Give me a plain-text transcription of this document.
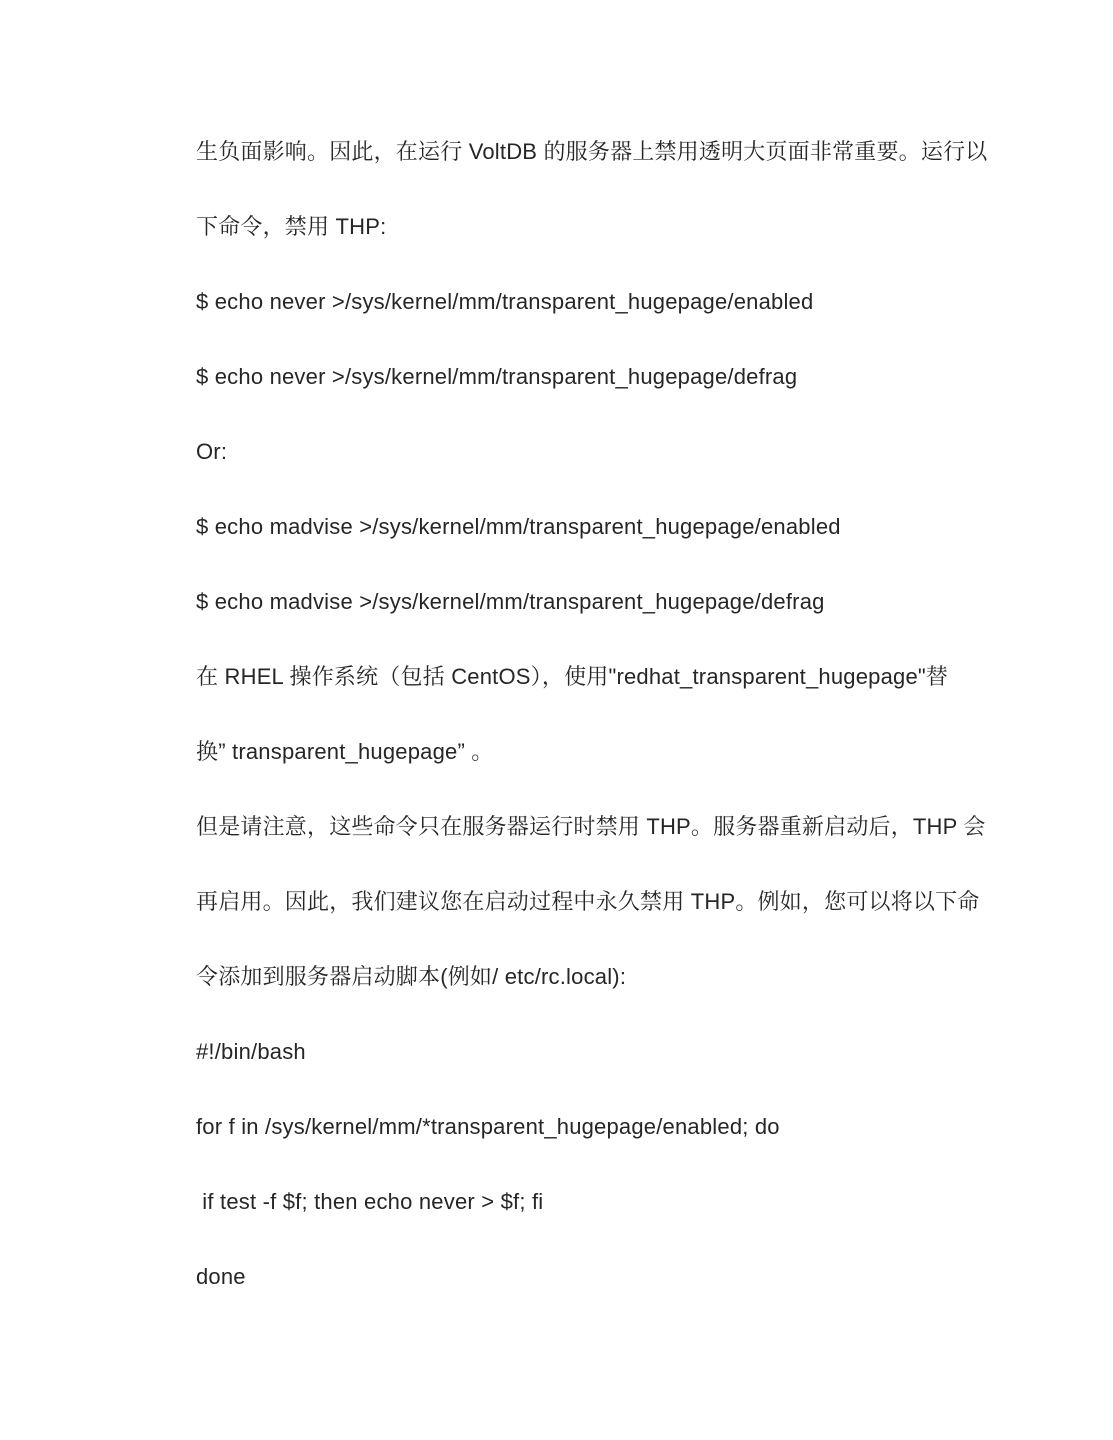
生负面影响。因此，在运行 VoltDB 的服务器上禁用透明大页面非常重要。运行以
下命令，禁用 THP:
$ echo never >/sys/kernel/mm/transparent_hugepage/enabled
$ echo never >/sys/kernel/mm/transparent_hugepage/defrag
Or:
$ echo madvise >/sys/kernel/mm/transparent_hugepage/enabled
$ echo madvise >/sys/kernel/mm/transparent_hugepage/defrag
在 RHEL 操作系统（包括 CentOS），使用"redhat_transparent_hugepage"替
换” transparent_hugepage” 。
但是请注意，这些命令只在服务器运行时禁用 THP。服务器重新启动后，THP 会
再启用。因此，我们建议您在启动过程中永久禁用 THP。例如，您可以将以下命
令添加到服务器启动脚本(例如/ etc/rc.local):
#!/bin/bash
for f in /sys/kernel/mm/*transparent_hugepage/enabled; do
if test -f $f; then echo never > $f; fi
done
